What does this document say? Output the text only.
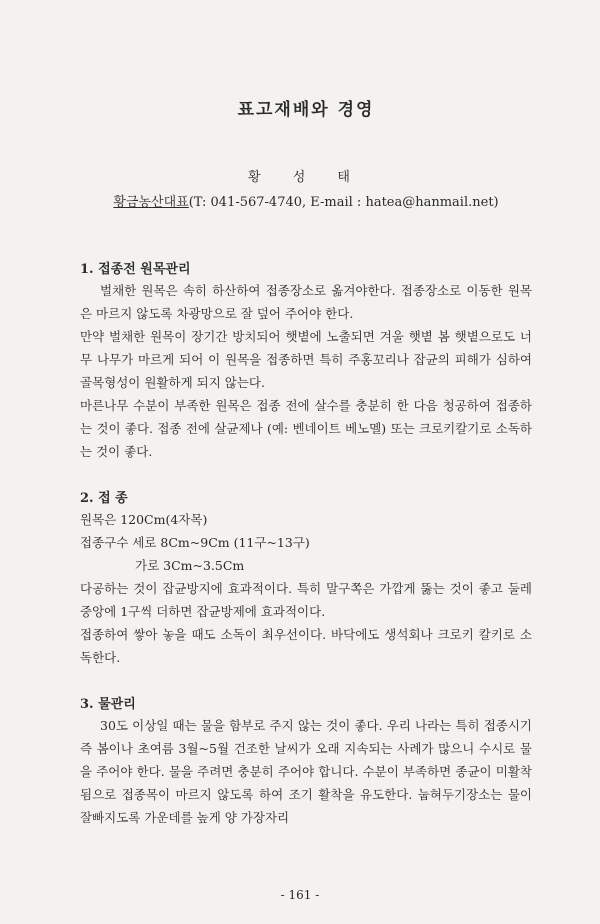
표고재배와 경영
황 성 태
황금농산대표(T: 041-567-4740, E-mail : hatea@hanmail.net)
1. 접종전 원목관리

벌채한 원목은 속히 하산하여 접종장소로 옮겨야한다. 접종장소로 이동한 원목은 마르지 않도록 차광망으로 잘 덮어 주어야 한다.

만약 벌채한 원목이 장기간 방치되어 햇볕에 노출되면 겨울 햇볕 봄 햇볕으로도 너무 나무가 마르게 되어 이 원목을 접종하면 특히 주홍꼬리나 잡균의 피해가 심하여 골목형성이 원활하게 되지 않는다.

마른나무 수분이 부족한 원목은 접종 전에 살수를 충분히 한 다음 청공하여 접종하는 것이 좋다. 접종 전에 살균제나 (예: 벤네이트 베노멜) 또는 크로키칼기로 소독하는 것이 좋다.

2. 접 종

원목은 120Cm(4자목)

접종구수 세로 8Cm~9Cm (11구~13구)

가로 3Cm~3.5Cm

다공하는 것이 잡균방지에 효과적이다. 특히 말구쪽은 가깝게 뚫는 것이 좋고 둘레중앙에 1구씩 더하면 잡균방제에 효과적이다.

접종하여 쌓아 놓을 때도 소독이 최우선이다. 바닥에도 생석회나 크로키 칼키로 소독한다.

3. 물관리

30도 이상일 때는 물을 함부로 주지 않는 것이 좋다. 우리 나라는 특히 접종시기 즉 봄이나 초여름 3월~5월 건조한 날씨가 오래 지속되는 사례가 많으니 수시로 물을 주어야 한다. 물을 주려면 충분히 주어야 합니다. 수분이 부족하면 종균이 미활착됨으로 접종목이 마르지 않도록 하여 조기 활착을 유도한다. 눕혀두기장소는 물이 잘빠지도록 가운데를 높게 양 가장자리

- 161 -
